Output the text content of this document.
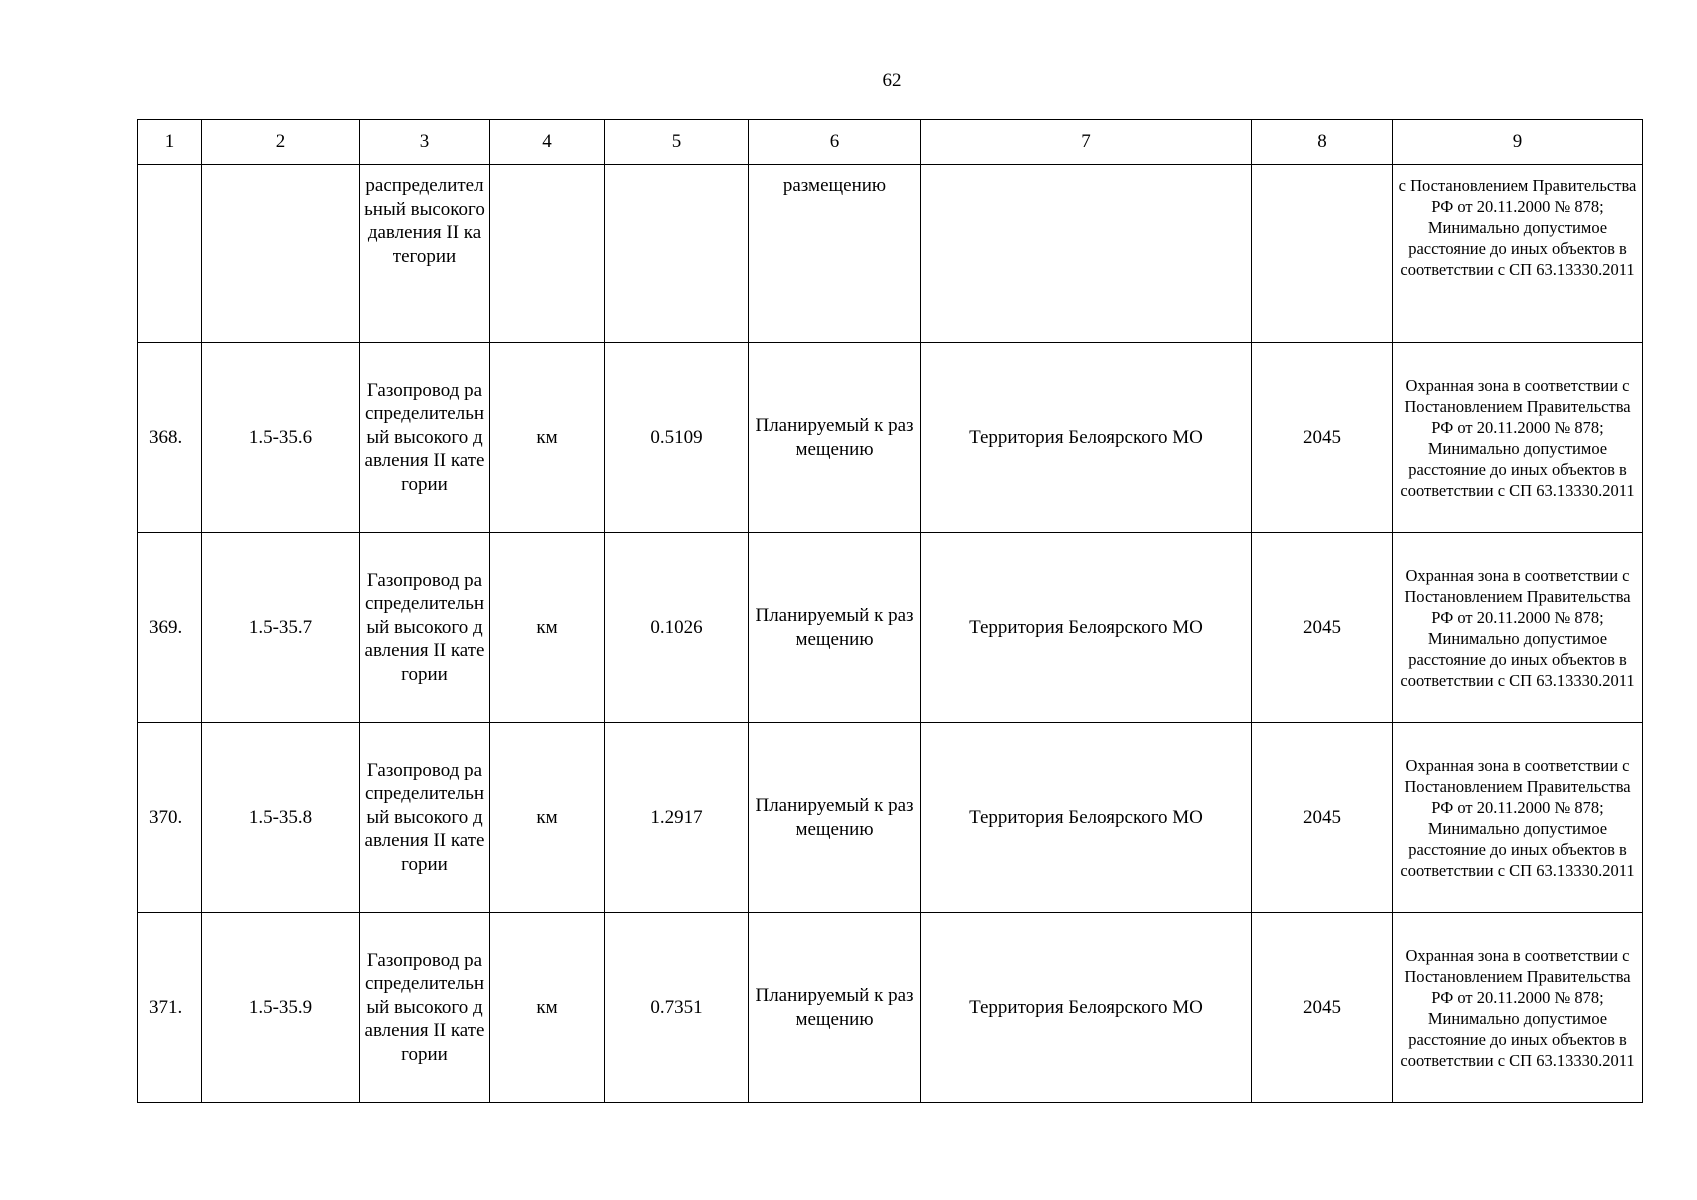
62
1	2	3	4	5	6	7	8	9
		распределительный высокого давления II категории			размещению			с Постановлением Правительства РФ от 20.11.2000 № 878; Минимально допустимое расстояние до иных объектов в соответствии с СП 63.13330.2011
368.	1.5-35.6	Газопровод распределительный высокого давления II категории	км	0.5109	Планируемый к размещению	Территория Белоярского МО	2045	Охранная зона в соответствии с Постановлением Правительства РФ от 20.11.2000 № 878; Минимально допустимое расстояние до иных объектов в соответствии с СП 63.13330.2011
369.	1.5-35.7	Газопровод распределительный высокого давления II категории	км	0.1026	Планируемый к размещению	Территория Белоярского МО	2045	Охранная зона в соответствии с Постановлением Правительства РФ от 20.11.2000 № 878; Минимально допустимое расстояние до иных объектов в соответствии с СП 63.13330.2011
370.	1.5-35.8	Газопровод распределительный высокого давления II категории	км	1.2917	Планируемый к размещению	Территория Белоярского МО	2045	Охранная зона в соответствии с Постановлением Правительства РФ от 20.11.2000 № 878; Минимально допустимое расстояние до иных объектов в соответствии с СП 63.13330.2011
371.	1.5-35.9	Газопровод распределительный высокого давления II категории	км	0.7351	Планируемый к размещению	Территория Белоярского МО	2045	Охранная зона в соответствии с Постановлением Правительства РФ от 20.11.2000 № 878; Минимально допустимое расстояние до иных объектов в соответствии с СП 63.13330.2011
